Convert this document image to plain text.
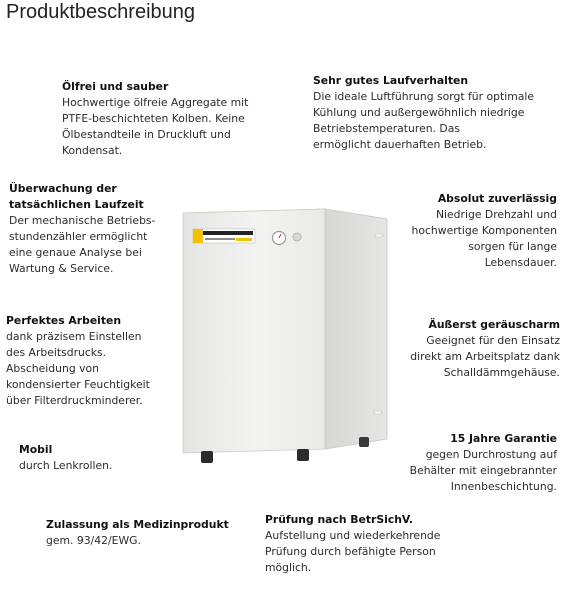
Produktbeschreibung
Ölfrei und sauber
Hochwertige ölfreie Aggregate mit
PTFE-beschichteten Kolben. Keine
Ölbestandteile in Druckluft und
Kondensat.
Sehr gutes Laufverhalten
Die ideale Luftführung sorgt für optimale
Kühlung und außergewöhnlich niedrige
Betriebstemperaturen. Das
ermöglicht dauerhaften Betrieb.
Überwachung der
tatsächlichen Laufzeit
Der mechanische Betriebs-
stundenzähler ermöglicht
eine genaue Analyse bei
Wartung & Service.
Absolut zuverlässig
Niedrige Drehzahl und
hochwertige Komponenten
sorgen für lange
Lebensdauer.
Perfektes Arbeiten
dank präzisem Einstellen
des Arbeitsdrucks.
Abscheidung von
kondensierter Feuchtigkeit
über Filterdruckminderer.
Äußerst geräuscharm
Geeignet für den Einsatz
direkt am Arbeitsplatz dank
Schalldämmgehäuse.
Mobil
durch Lenkrollen.
15 Jahre Garantie
gegen Durchrostung auf
Behälter mit eingebrannter
Innenbeschichtung.
Zulassung als Medizinprodukt
gem. 93/42/EWG.
Prüfung nach BetrSichV.
Aufstellung und wiederkehrende
Prüfung durch befähigte Person
möglich.
